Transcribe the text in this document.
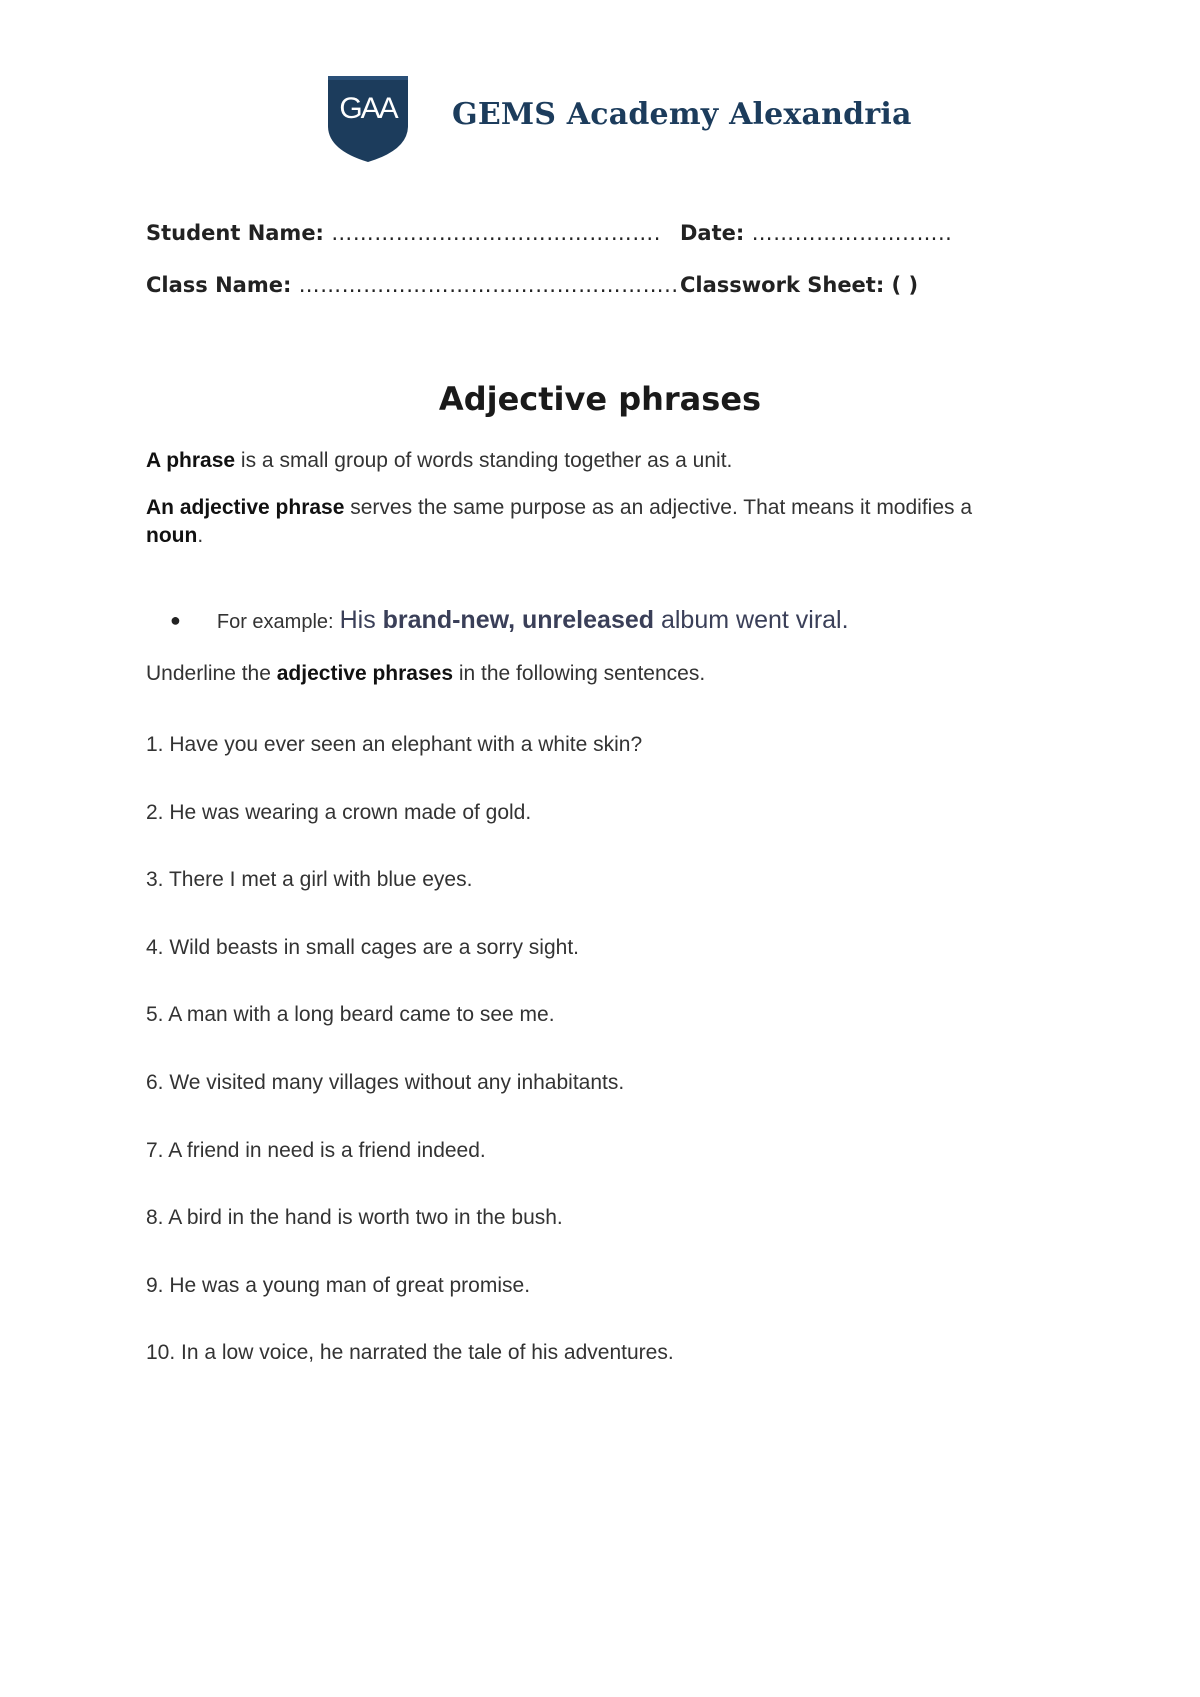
GAA	GEMS Academy Alexandria
Student Name: ………………………………………. Date: …………………..…..
Class Name: …………………………………………….. Classwork Sheet: ( )
Adjective phrases
A phrase is a small group of words standing together as a unit.
An adjective phrase serves the same purpose as an adjective. That means it modifies a noun.
● For example: His brand-new, unreleased album went viral.
Underline the adjective phrases in the following sentences.
1. Have you ever seen an elephant with a white skin?
2. He was wearing a crown made of gold.
3. There I met a girl with blue eyes.
4. Wild beasts in small cages are a sorry sight.
5. A man with a long beard came to see me.
6. We visited many villages without any inhabitants.
7. A friend in need is a friend indeed.
8. A bird in the hand is worth two in the bush.
9. He was a young man of great promise.
10. In a low voice, he narrated the tale of his adventures.
